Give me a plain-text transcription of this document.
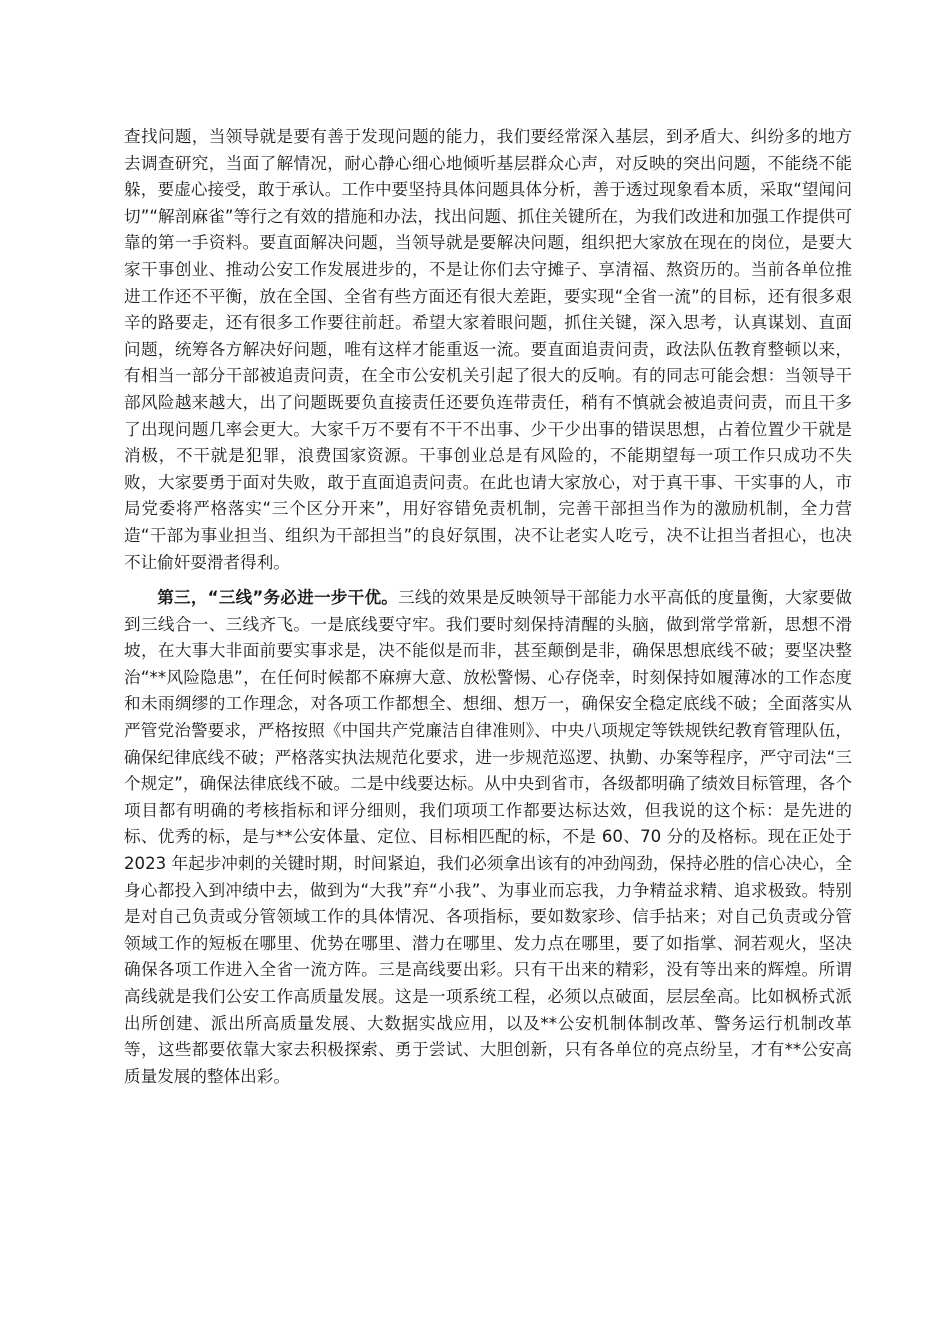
查找问题，当领导就是要有善于发现问题的能力，我们要经常深入基层，到矛盾大、纠纷多的地方去调查研究，当面了解情况，耐心静心细心地倾听基层群众心声，对反映的突出问题，不能绕不能躲，要虚心接受，敢于承认。工作中要坚持具体问题具体分析，善于透过现象看本质，采取“望闻问切”“解剖麻雀”等行之有效的措施和办法，找出问题、抓住关键所在，为我们改进和加强工作提供可靠的第一手资料。要直面解决问题，当领导就是要解决问题，组织把大家放在现在的岗位，是要大家干事创业、推动公安工作发展进步的，不是让你们去守摊子、享清福、熬资历的。当前各单位推进工作还不平衡，放在全国、全省有些方面还有很大差距，要实现“全省一流”的目标，还有很多艰辛的路要走，还有很多工作要往前赶。希望大家着眼问题，抓住关键，深入思考，认真谋划、直面问题，统筹各方解决好问题，唯有这样才能重返一流。要直面追责问责，政法队伍教育整顿以来，有相当一部分干部被追责问责，在全市公安机关引起了很大的反响。有的同志可能会想：当领导干部风险越来越大，出了问题既要负直接责任还要负连带责任，稍有不慎就会被追责问责，而且干多了出现问题几率会更大。大家千万不要有不干不出事、少干少出事的错误思想，占着位置少干就是消极，不干就是犯罪，浪费国家资源。干事创业总是有风险的，不能期望每一项工作只成功不失败，大家要勇于面对失败，敢于直面追责问责。在此也请大家放心，对于真干事、干实事的人，市局党委将严格落实“三个区分开来”，用好容错免责机制，完善干部担当作为的激励机制，全力营造“干部为事业担当、组织为干部担当”的良好氛围，决不让老实人吃亏，决不让担当者担心，也决不让偷奸耍滑者得利。

第三，“三线”务必进一步干优。三线的效果是反映领导干部能力水平高低的度量衡，大家要做到三线合一、三线齐飞。一是底线要守牢。我们要时刻保持清醒的头脑，做到常学常新，思想不滑坡，在大事大非面前要实事求是，决不能似是而非，甚至颠倒是非，确保思想底线不破；要坚决整治“**风险隐患”，在任何时候都不麻痹大意、放松警惕、心存侥幸，时刻保持如履薄冰的工作态度和未雨绸缪的工作理念，对各项工作都想全、想细、想万一，确保安全稳定底线不破；全面落实从严管党治警要求，严格按照《中国共产党廉洁自律准则》、中央八项规定等铁规铁纪教育管理队伍，确保纪律底线不破；严格落实执法规范化要求，进一步规范巡逻、执勤、办案等程序，严守司法“三个规定”，确保法律底线不破。二是中线要达标。从中央到省市，各级都明确了绩效目标管理，各个项目都有明确的考核指标和评分细则，我们项项工作都要达标达效，但我说的这个标：是先进的标、优秀的标，是与**公安体量、定位、目标相匹配的标，不是 60、70 分的及格标。现在正处于 2023 年起步冲刺的关键时期，时间紧迫，我们必须拿出该有的冲劲闯劲，保持必胜的信心决心，全身心都投入到冲绩中去，做到为“大我”弃“小我”、为事业而忘我，力争精益求精、追求极致。特别是对自己负责或分管领域工作的具体情况、各项指标，要如数家珍、信手拈来；对自己负责或分管领域工作的短板在哪里、优势在哪里、潜力在哪里、发力点在哪里，要了如指掌、洞若观火，坚决确保各项工作进入全省一流方阵。三是高线要出彩。只有干出来的精彩，没有等出来的辉煌。所谓高线就是我们公安工作高质量发展。这是一项系统工程，必须以点破面，层层垒高。比如枫桥式派出所创建、派出所高质量发展、大数据实战应用，以及**公安机制体制改革、警务运行机制改革等，这些都要依靠大家去积极探索、勇于尝试、大胆创新，只有各单位的亮点纷呈，才有**公安高质量发展的整体出彩。
